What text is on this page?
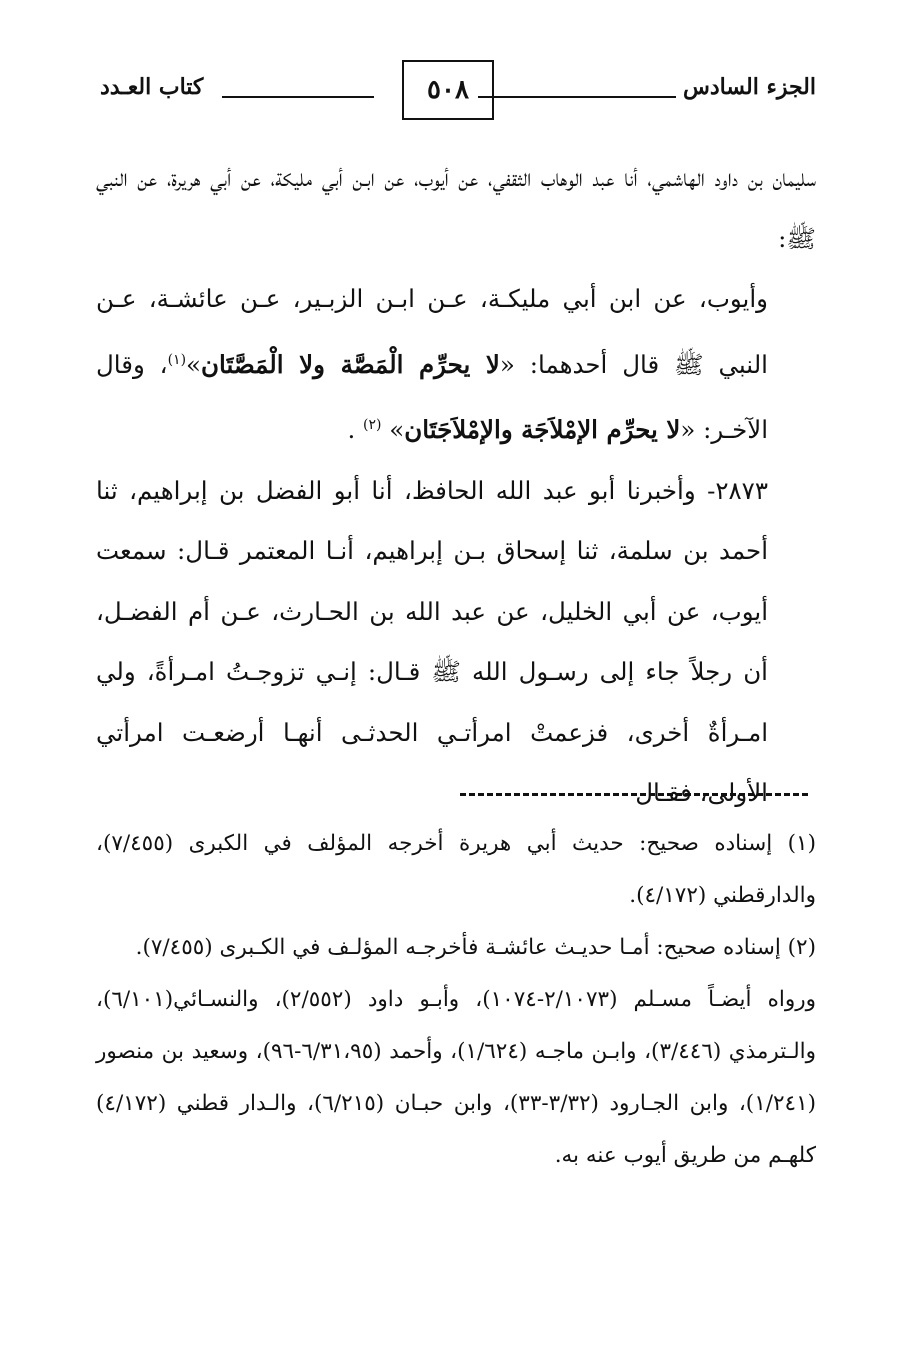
الجزء السادس
٥٠٨
كتاب العـدد

سليمان بن داود الهاشمي، أنا عبد الوهاب الثقفي، عن أيوب، عن ابـن أبي مليكة، عن أبي هريرة، عن النبي ﷺ:

وأيوب، عن ابن أبي مليكـة، عـن ابـن الزبـير، عـن عائشـة، عـن النبي ﷺ قال أحدهما: «لا يحرِّم الْمَصَّة ولا الْمَصَّتَان»$^{(١)}$، وقال الآخـر: «لا يحرِّم الإمْلاَجَة والإمْلاَجَتَان» $^{(٢)}$ .

٢٨٧٣- وأخبرنا أبو عبد الله الحافظ، أنا أبو الفضل بن إبراهيم، ثنا أحمد بن سلمة، ثنا إسحاق بـن إبراهيم، أنـا المعتمر قـال: سمعت أيوب، عن أبي الخليل، عن عبد الله بن الحـارث، عـن أم الفضـل، أن رجلاً جاء إلى رسـول الله ﷺ قـال: إنـي تزوجـتُ امـرأةً، ولي امـرأةٌ أخرى، فزعمتْ امرأتـي الحدثـى أنهـا أرضعـت امرأتي الأولى، فقـال

(١) إسناده صحيح: حديث أبي هريرة أخرجه المؤلف في الكبرى (٧/٤٥٥)، والدارقطني (٤/١٧٢).

(٢) إسناده صحيح: أمـا حديـث عائشـة فأخرجـه المؤلـف في الكـبرى (٧/٤٥٥).

ورواه أيضـاً مسـلم (٢/١٠٧٣-١٠٧٤)، وأبـو داود (٢/٥٥٢)، والنسـائي(٦/١٠١)، والـترمذي (٣/٤٤٦)، وابـن ماجـه (١/٦٢٤)، وأحمد (٦/٣١،٩٥-٩٦)، وسعيد بن منصور (١/٢٤١)، وابن الجـارود (٣/٣٢-٣٣)، وابن حبـان (٦/٢١٥)، والـدار قطني (٤/١٧٢) كلهـم من طريق أيوب عنه به.
